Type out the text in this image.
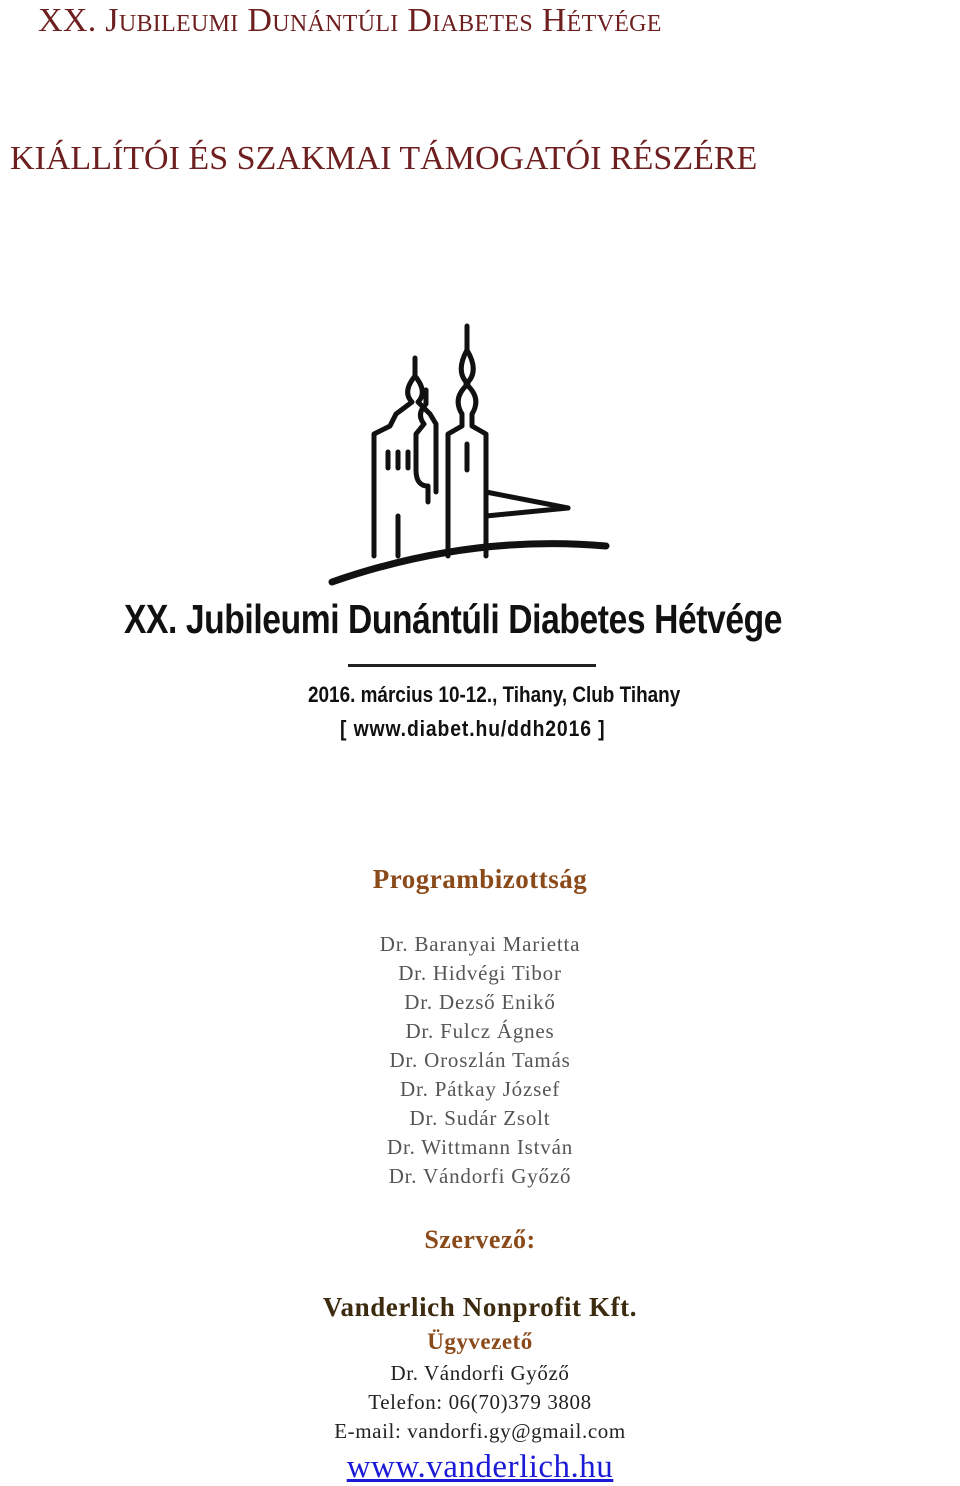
XX. Jubileumi Dunántúli Diabetes Hétvége
KIÁLLÍTÓI ÉS SZAKMAI TÁMOGATÓI RÉSZÉRE
XX. Jubileumi Dunántúli Diabetes Hétvége
2016. március 10-12., Tihany, Club Tihany
[ www.diabet.hu/ddh2016 ]
Programbizottság
Dr. Baranyai Marietta
Dr. Hidvégi Tibor
Dr. Dezső Enikő
Dr. Fulcz Ágnes
Dr. Oroszlán Tamás
Dr. Pátkay József
Dr. Sudár Zsolt
Dr. Wittmann István
Dr. Vándorfi Győző
Szervező:
Vanderlich Nonprofit Kft.
Ügyvezető
Dr. Vándorfi Győző
Telefon: 06(70)379 3808
E-mail: vandorfi.gy@gmail.com
www.vanderlich.hu
